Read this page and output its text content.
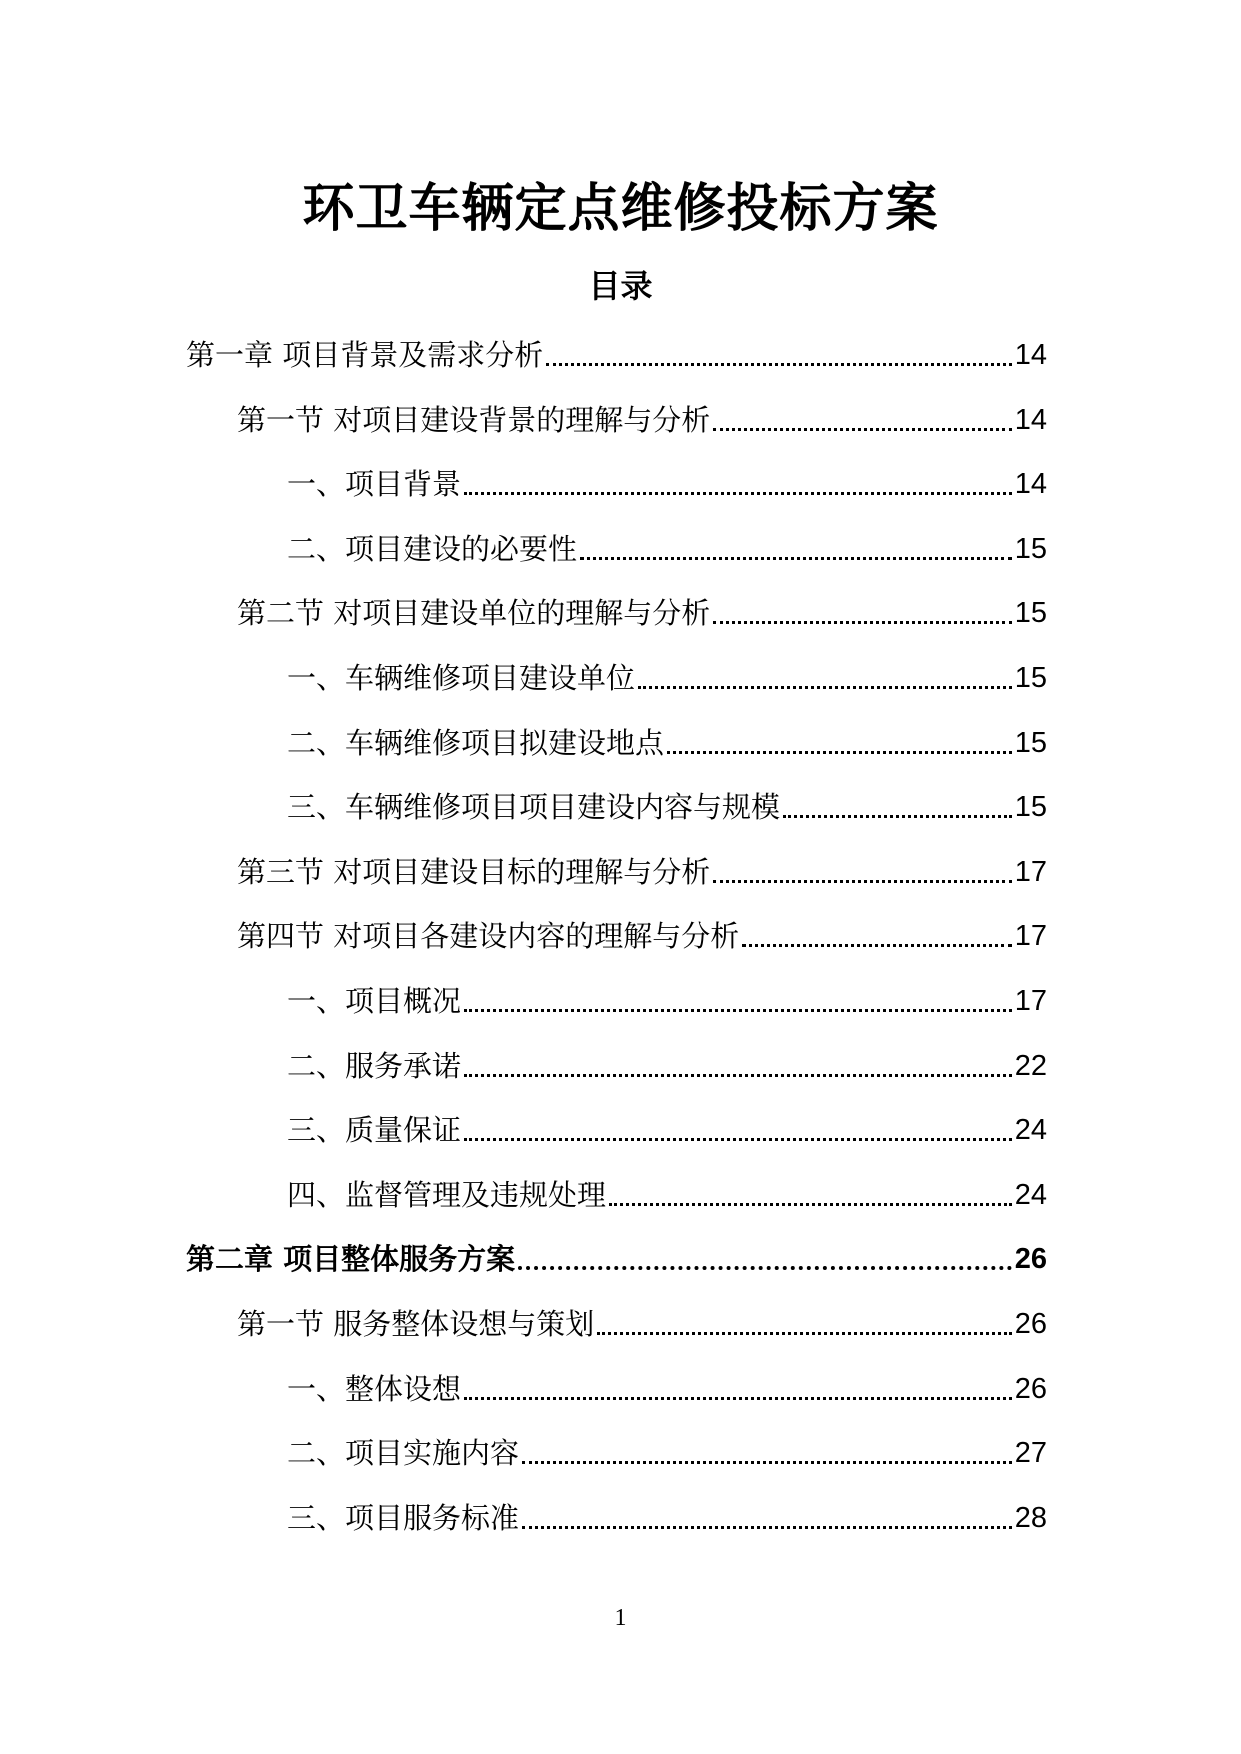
环卫车辆定点维修投标方案
目录
第一章 项目背景及需求分析	14
第一节 对项目建设背景的理解与分析	14
一、项目背景	14
二、项目建设的必要性	15
第二节 对项目建设单位的理解与分析	15
一、车辆维修项目建设单位	15
二、车辆维修项目拟建设地点	15
三、车辆维修项目项目建设内容与规模	15
第三节 对项目建设目标的理解与分析	17
第四节 对项目各建设内容的理解与分析	17
一、项目概况	17
二、服务承诺	22
三、质量保证	24
四、监督管理及违规处理	24
第二章 项目整体服务方案	26
第一节 服务整体设想与策划	26
一、整体设想	26
二、项目实施内容	27
三、项目服务标准	28
1
